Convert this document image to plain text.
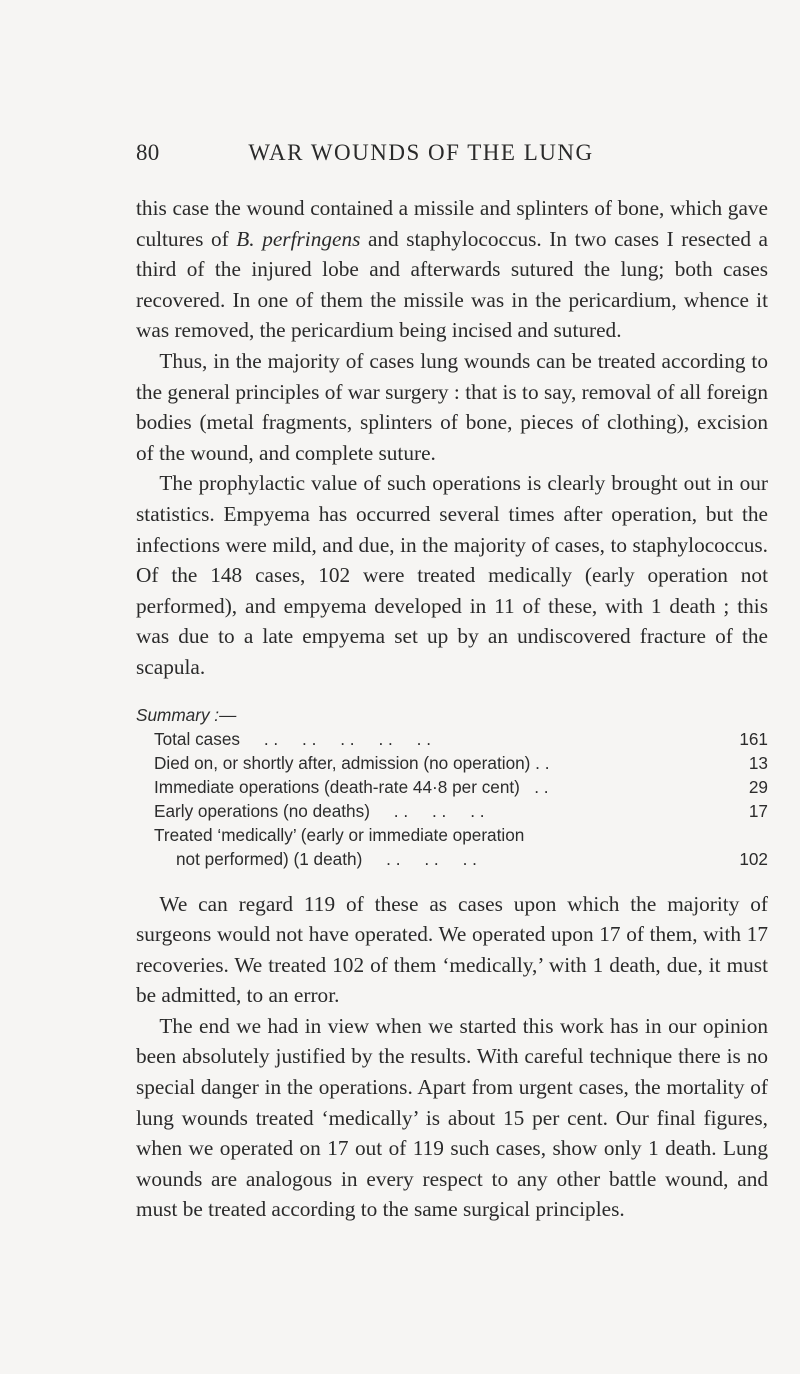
80	WAR WOUNDS OF THE LUNG

this case the wound contained a missile and splinters of bone, which gave cultures of B. perfringens and staphylococcus. In two cases I resected a third of the injured lobe and afterwards sutured the lung; both cases recovered. In one of them the missile was in the pericardium, whence it was removed, the pericardium being incised and sutured.

Thus, in the majority of cases lung wounds can be treated according to the general principles of war surgery : that is to say, removal of all foreign bodies (metal fragments, splinters of bone, pieces of clothing), excision of the wound, and complete suture.

The prophylactic value of such operations is clearly brought out in our statistics. Empyema has occurred several times after operation, but the infections were mild, and due, in the majority of cases, to staphylococcus. Of the 148 cases, 102 were treated medically (early operation not performed), and empyema developed in 11 of these, with 1 death ; this was due to a late empyema set up by an undiscovered fracture of the scapula.

Summary :—
Total cases     . .     . .     . .     . .     . .	161
Died on, or shortly after, admission (no operation) . .	13
Immediate operations (death-rate 44·8 per cent)   . .	29
Early operations (no deaths)     . .     . .     . .	17
Treated ‘medically’ (early or immediate operation
not performed) (1 death)     . .     . .     . .	102

We can regard 119 of these as cases upon which the majority of surgeons would not have operated. We operated upon 17 of them, with 17 recoveries. We treated 102 of them ‘medically,’ with 1 death, due, it must be admitted, to an error.

The end we had in view when we started this work has in our opinion been absolutely justified by the results. With careful technique there is no special danger in the operations. Apart from urgent cases, the mortality of lung wounds treated ‘medically’ is about 15 per cent. Our final figures, when we operated on 17 out of 119 such cases, show only 1 death. Lung wounds are analogous in every respect to any other battle wound, and must be treated according to the same surgical principles.
